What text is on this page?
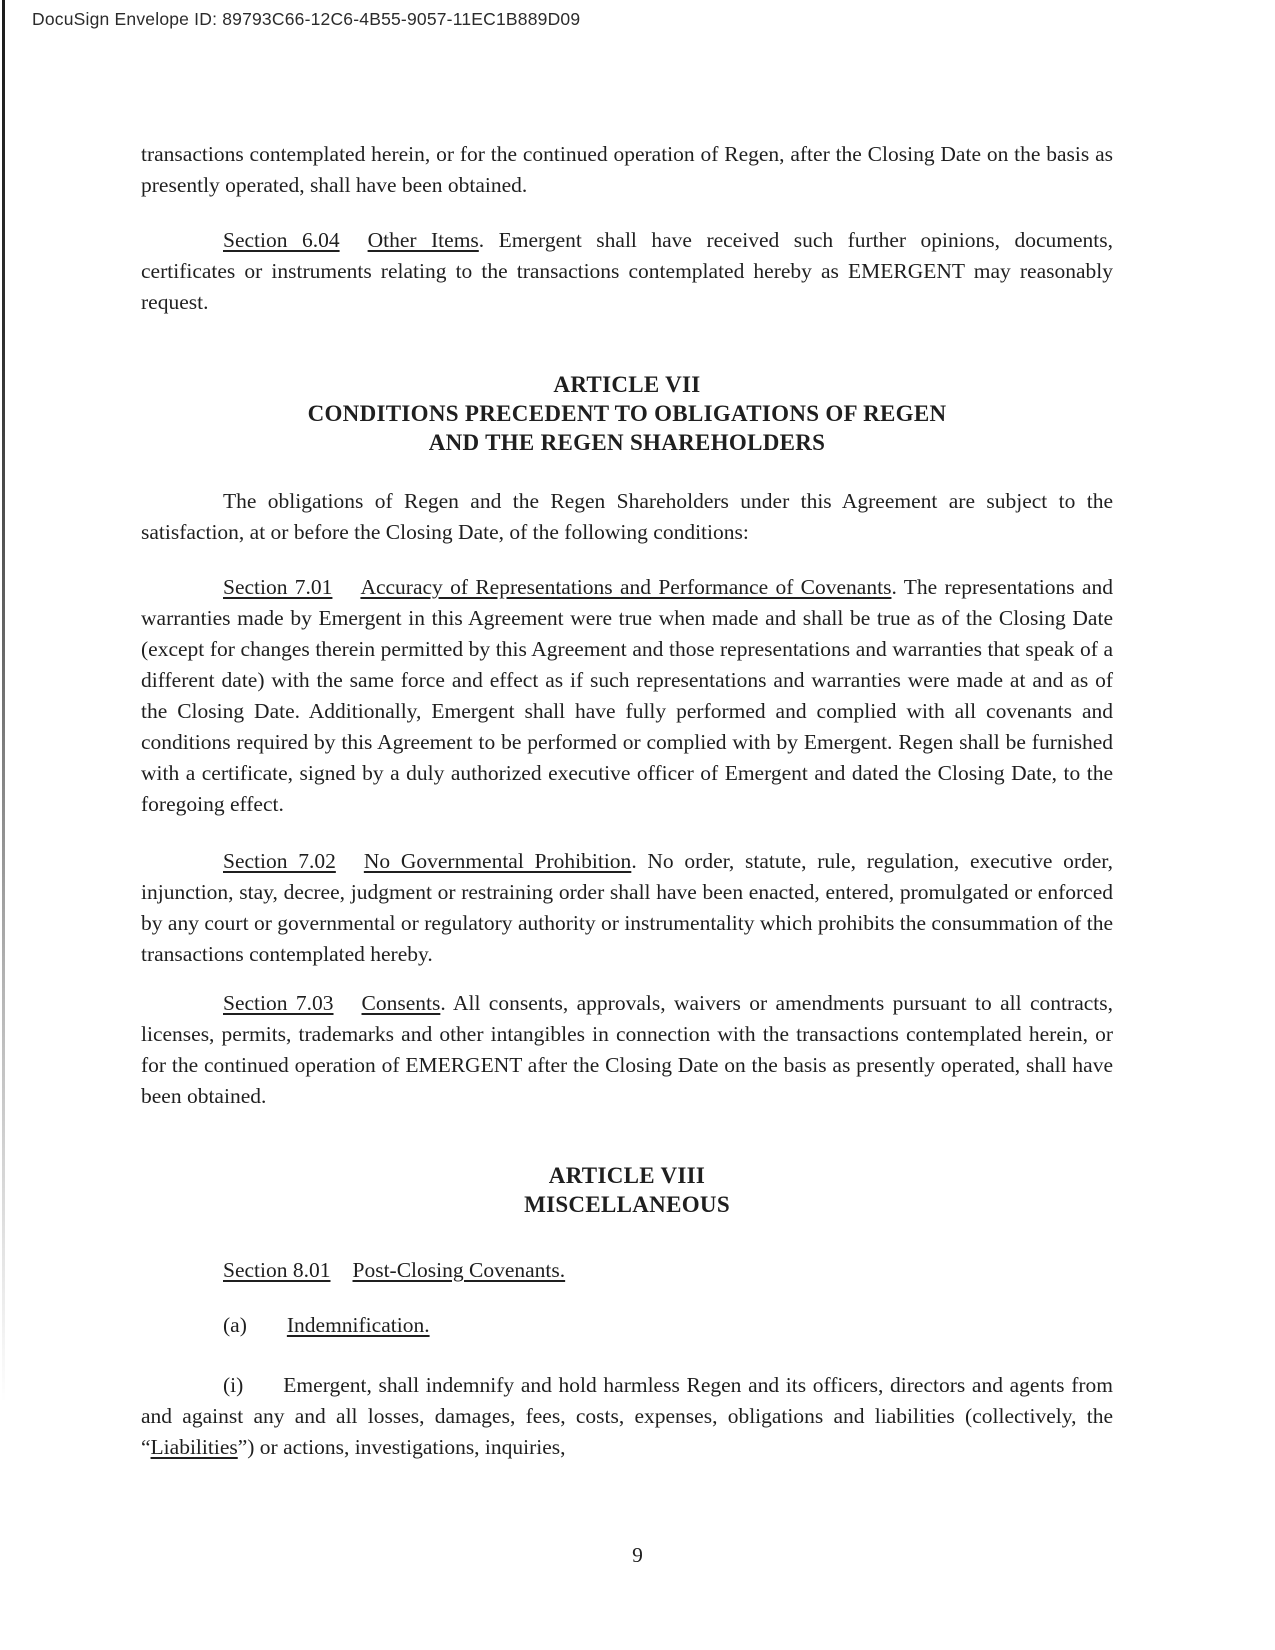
DocuSign Envelope ID: 89793C66-12C6-4B55-9057-11EC1B889D09

transactions contemplated herein, or for the continued operation of Regen, after the Closing Date on the basis as presently operated, shall have been obtained.

Section 6.04 Other Items. Emergent shall have received such further opinions, documents, certificates or instruments relating to the transactions contemplated hereby as EMERGENT may reasonably request.

ARTICLE VII
CONDITIONS PRECEDENT TO OBLIGATIONS OF REGEN
AND THE REGEN SHAREHOLDERS

The obligations of Regen and the Regen Shareholders under this Agreement are subject to the satisfaction, at or before the Closing Date, of the following conditions:

Section 7.01 Accuracy of Representations and Performance of Covenants. The representations and warranties made by Emergent in this Agreement were true when made and shall be true as of the Closing Date (except for changes therein permitted by this Agreement and those representations and warranties that speak of a different date) with the same force and effect as if such representations and warranties were made at and as of the Closing Date. Additionally, Emergent shall have fully performed and complied with all covenants and conditions required by this Agreement to be performed or complied with by Emergent. Regen shall be furnished with a certificate, signed by a duly authorized executive officer of Emergent and dated the Closing Date, to the foregoing effect.

Section 7.02 No Governmental Prohibition. No order, statute, rule, regulation, executive order, injunction, stay, decree, judgment or restraining order shall have been enacted, entered, promulgated or enforced by any court or governmental or regulatory authority or instrumentality which prohibits the consummation of the transactions contemplated hereby.

Section 7.03 Consents. All consents, approvals, waivers or amendments pursuant to all contracts, licenses, permits, trademarks and other intangibles in connection with the transactions contemplated herein, or for the continued operation of EMERGENT after the Closing Date on the basis as presently operated, shall have been obtained.

ARTICLE VIII
MISCELLANEOUS

Section 8.01 Post-Closing Covenants.

(a) Indemnification.

(i) Emergent, shall indemnify and hold harmless Regen and its officers, directors and agents from and against any and all losses, damages, fees, costs, expenses, obligations and liabilities (collectively, the “Liabilities”) or actions, investigations, inquiries,

9
